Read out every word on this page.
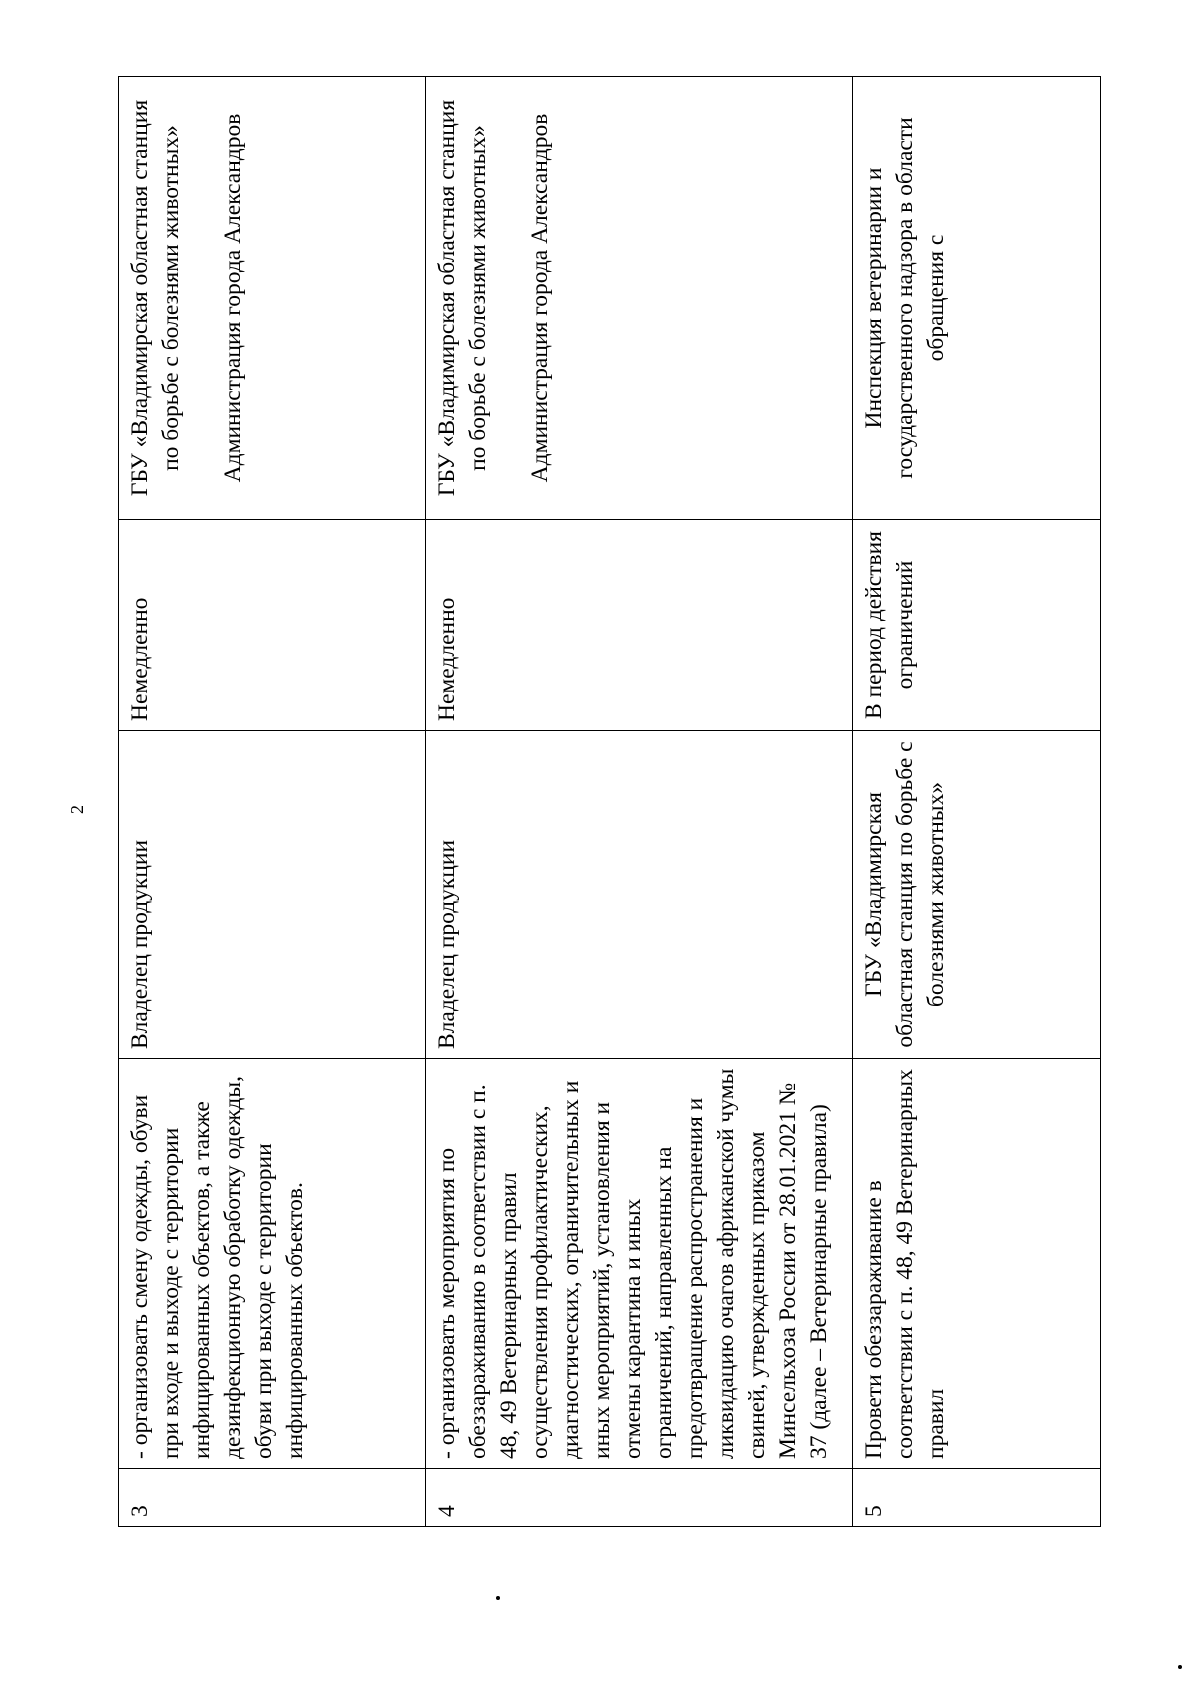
2
3	- организовать смену одежды, обуви при входе и выходе с территории инфицированных объектов, а также дезинфекционную обработку одежды, обуви при выходе с территории инфицированных объектов.	Владелец продукции	Немедленно	ГБУ «Владимирская областная станция по борьбе с болезнями животных» Администрация города Александров

4	- организовать мероприятия по обеззараживанию в соответствии с п. 48, 49 Ветеринарных правил осуществления профилактических, диагностических, ограничительных и иных мероприятий, установления и отмены карантина и иных ограничений, направленных на предотвращение распространения и ликвидацию очагов африканской чумы свиней, утвержденных приказом Минсельхоза России от 28.01.2021 № 37 (далее – Ветеринарные правила)	Владелец продукции	Немедленно	ГБУ «Владимирская областная станция по борьбе с болезнями животных» Администрация города Александров

5	Провети обеззараживание в соответствии с п. 48, 49 Ветеринарных правил	ГБУ «Владимирская областная станция по борьбе с болезнями животных»	В период действия ограничений	Инспекция ветеринарии и государственного надзора в области обращения с
